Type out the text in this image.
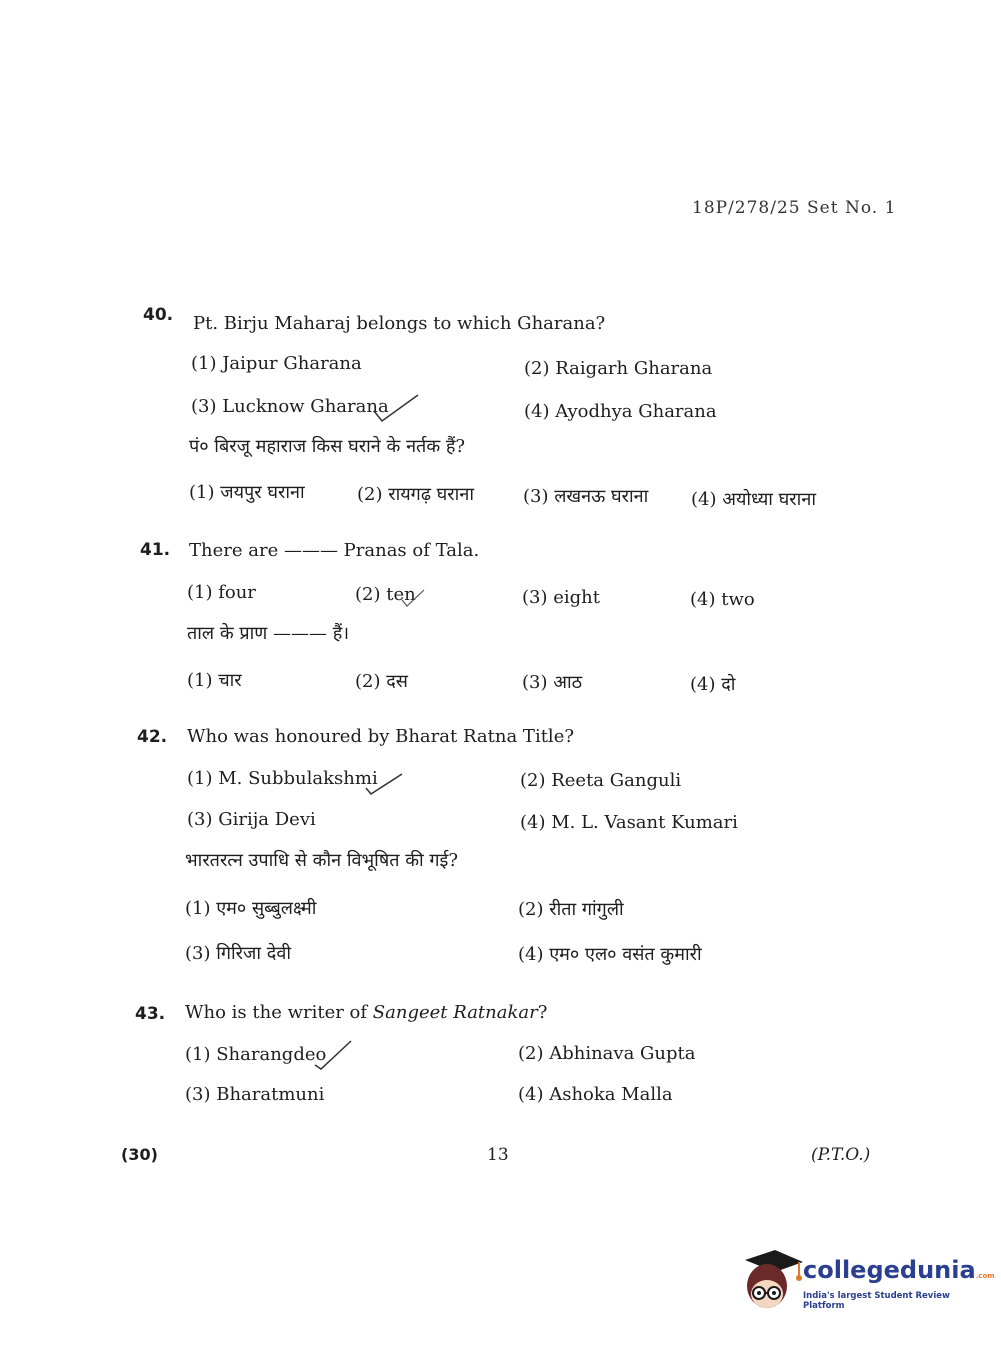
18P/278/25 Set No. 1
40. Pt. Birju Maharaj belongs to which Gharana?
(1) Jaipur Gharana	(2) Raigarh Gharana
(3) Lucknow Gharana	(4) Ayodhya Gharana
पं० बिरजू महाराज किस घराने के नर्तक हैं?
(1) जयपुर घराना	(2) रायगढ़ घराना	(3) लखनऊ घराना (4) अयोध्या घराना
41. There are ——— Pranas of Tala.
(1) four	(2) ten	(3) eight	(4) two
ताल के प्राण ——— हैं।
(1) चार	(2) दस	(3) आठ	(4) दो
42. Who was honoured by Bharat Ratna Title?
(1) M. Subbulakshmi	(2) Reeta Ganguli
(3) Girija Devi	(4) M. L. Vasant Kumari
भारतरत्न उपाधि से कौन विभूषित की गई?
(1) एम० सुब्बुलक्ष्मी	(2) रीता गांगुली
(3) गिरिजा देवी	(4) एम० एल० वसंत कुमारी
43. Who is the writer of Sangeet Ratnakar?
(1) Sharangdeo	(2) Abhinava Gupta
(3) Bharatmuni	(4) Ashoka Malla
(30)	13	(P.T.O.)
collegedunia.com
India's largest Student Review Platform
